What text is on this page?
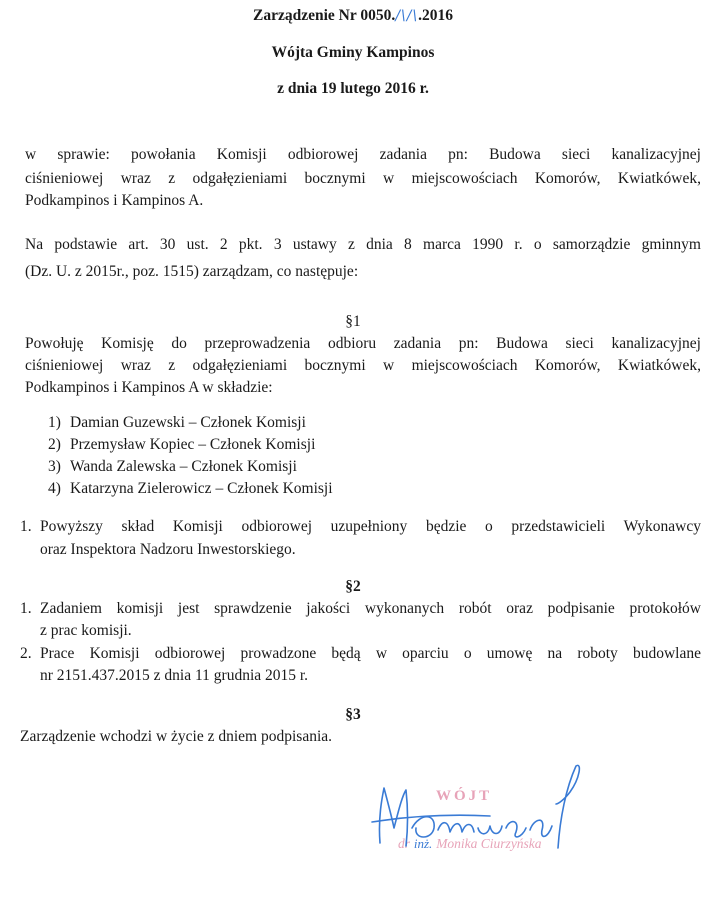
Zarządzenie Nr 0050./\/\.2016
Wójta Gminy Kampinos
z dnia 19 lutego 2016 r.
w sprawie: powołania Komisji odbiorowej zadania pn: Budowa sieci kanalizacyjnej
ciśnieniowej wraz z odgałęzieniami bocznymi w miejscowościach Komorów, Kwiatkówek,
Podkampinos i Kampinos A.
Na podstawie art. 30 ust. 2 pkt. 3 ustawy z dnia 8 marca 1990 r. o samorządzie gminnym
(Dz. U. z 2015r., poz. 1515) zarządzam, co następuje:
§1
Powołuję Komisję do przeprowadzenia odbioru zadania pn: Budowa sieci kanalizacyjnej
ciśnieniowej wraz z odgałęzieniami bocznymi w miejscowościach Komorów, Kwiatkówek,
Podkampinos i Kampinos A w składzie:
1) Damian Guzewski – Członek Komisji
2) Przemysław Kopiec – Członek Komisji
3) Wanda Zalewska – Członek Komisji
4) Katarzyna Zielerowicz – Członek Komisji
1. Powyższy skład Komisji odbiorowej uzupełniony będzie o przedstawicieli Wykonawcy
oraz Inspektora Nadzoru Inwestorskiego.
§2
1. Zadaniem komisji jest sprawdzenie jakości wykonanych robót oraz podpisanie protokołów
z prac komisji.
2. Prace Komisji odbiorowej prowadzone będą w oparciu o umowę na roboty budowlane
nr 2151.437.2015 z dnia 11 grudnia 2015 r.
§3
Zarządzenie wchodzi w życie z dniem podpisania.
WÓJT
dr inż. Monika Ciurzyńska
